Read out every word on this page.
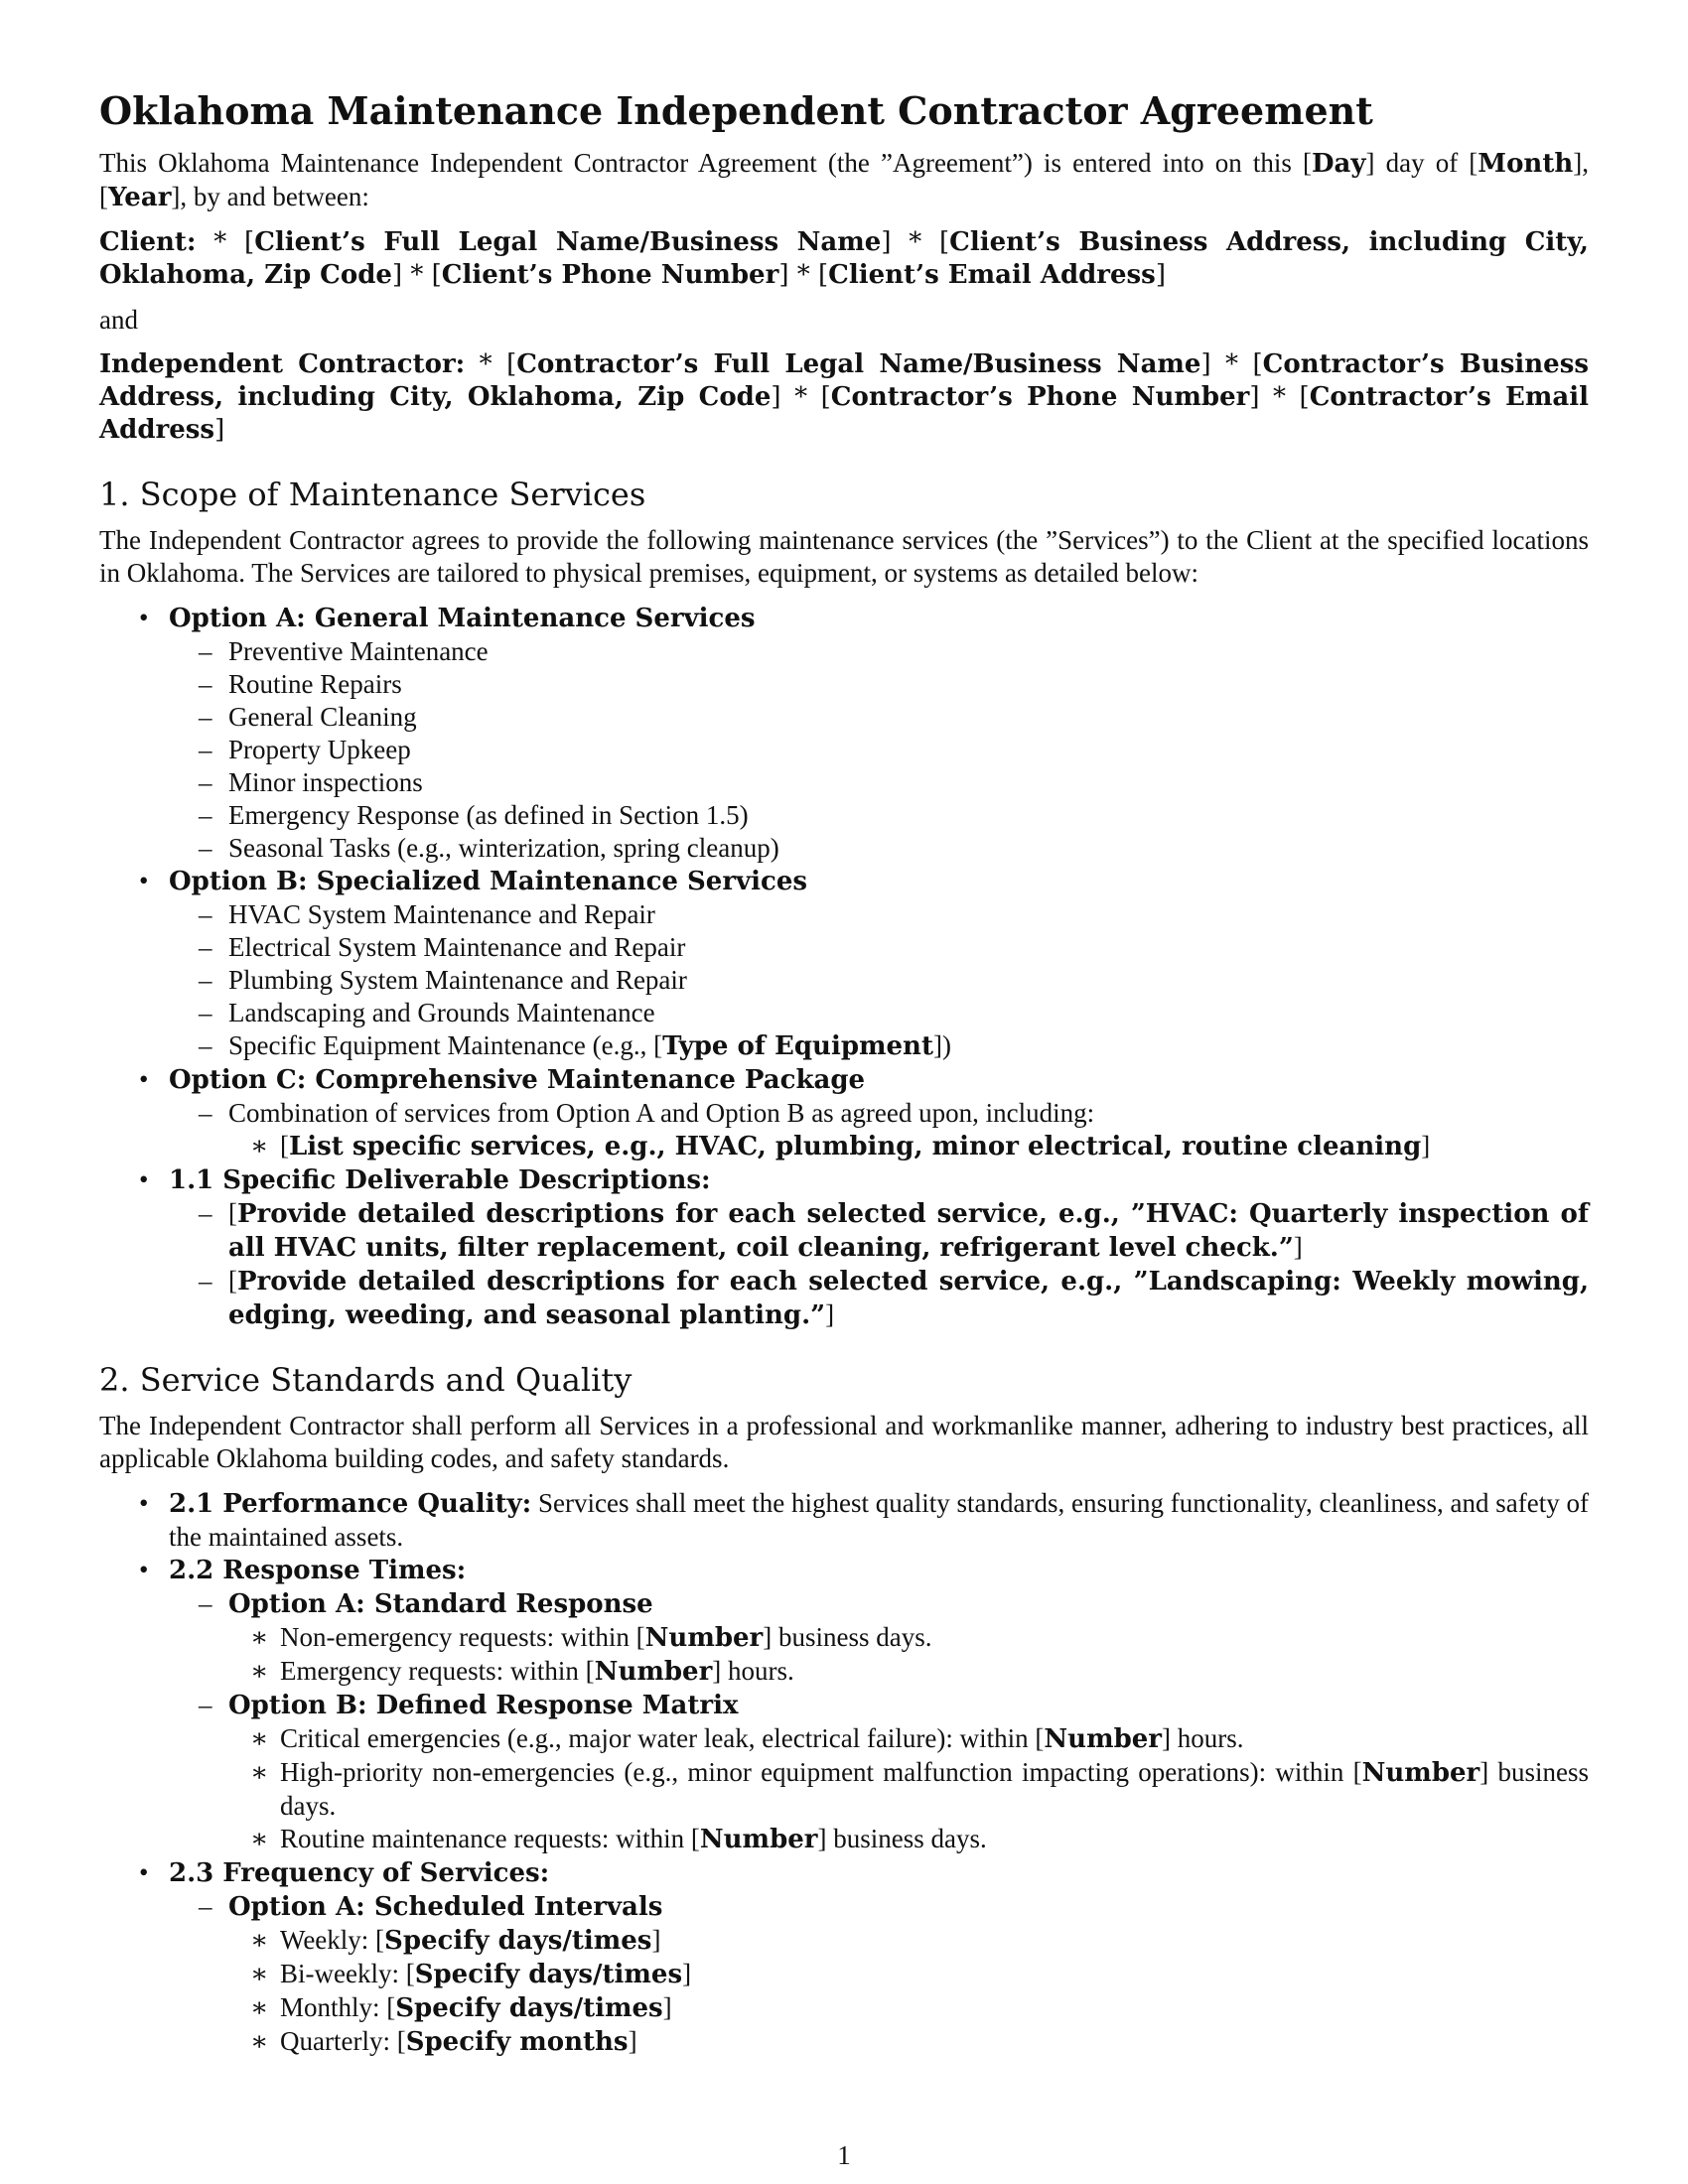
Oklahoma Maintenance Independent Contractor Agreement

This Oklahoma Maintenance Independent Contractor Agreement (the ”Agreement”) is entered into on this [Day] day of [Month], [Year], by and between:

Client: * [Client’s Full Legal Name/Business Name] * [Client’s Business Address, including City, Oklahoma, Zip Code] * [Client’s Phone Number] * [Client’s Email Address]

and

Independent Contractor: * [Contractor’s Full Legal Name/Business Name] * [Contractor’s Business Address, including City, Oklahoma, Zip Code] * [Contractor’s Phone Number] * [Contractor’s Email Address]

1. Scope of Maintenance Services

The Independent Contractor agrees to provide the following maintenance services (the ”Services”) to the Client at the specified locations in Oklahoma. The Services are tailored to physical premises, equipment, or systems as detailed below:

• Option A: General Maintenance Services
– Preventive Maintenance
– Routine Repairs
– General Cleaning
– Property Upkeep
– Minor inspections
– Emergency Response (as defined in Section 1.5)
– Seasonal Tasks (e.g., winterization, spring cleanup)
• Option B: Specialized Maintenance Services
– HVAC System Maintenance and Repair
– Electrical System Maintenance and Repair
– Plumbing System Maintenance and Repair
– Landscaping and Grounds Maintenance
– Specific Equipment Maintenance (e.g., [Type of Equipment])
• Option C: Comprehensive Maintenance Package
– Combination of services from Option A and Option B as agreed upon, including:
∗ [List specific services, e.g., HVAC, plumbing, minor electrical, routine cleaning]
• 1.1 Specific Deliverable Descriptions:
– [Provide detailed descriptions for each selected service, e.g., ”HVAC: Quarterly inspection of all HVAC units, filter replacement, coil cleaning, refrigerant level check.”]
– [Provide detailed descriptions for each selected service, e.g., ”Landscaping: Weekly mowing, edging, weeding, and seasonal planting.”]
2. Service Standards and Quality

The Independent Contractor shall perform all Services in a professional and workmanlike manner, adhering to industry best practices, all applicable Oklahoma building codes, and safety standards.

• 2.1 Performance Quality: Services shall meet the highest quality standards, ensuring functionality, cleanliness, and safety of the maintained assets.
• 2.2 Response Times:
– Option A: Standard Response
∗ Non-emergency requests: within [Number] business days.
∗ Emergency requests: within [Number] hours.
– Option B: Defined Response Matrix
∗ Critical emergencies (e.g., major water leak, electrical failure): within [Number] hours.
∗ High-priority non-emergencies (e.g., minor equipment malfunction impacting operations): within [Number] business days.
∗ Routine maintenance requests: within [Number] business days.
• 2.3 Frequency of Services:
– Option A: Scheduled Intervals
∗ Weekly: [Specify days/times]
∗ Bi-weekly: [Specify days/times]
∗ Monthly: [Specify days/times]
∗ Quarterly: [Specify months]
1
